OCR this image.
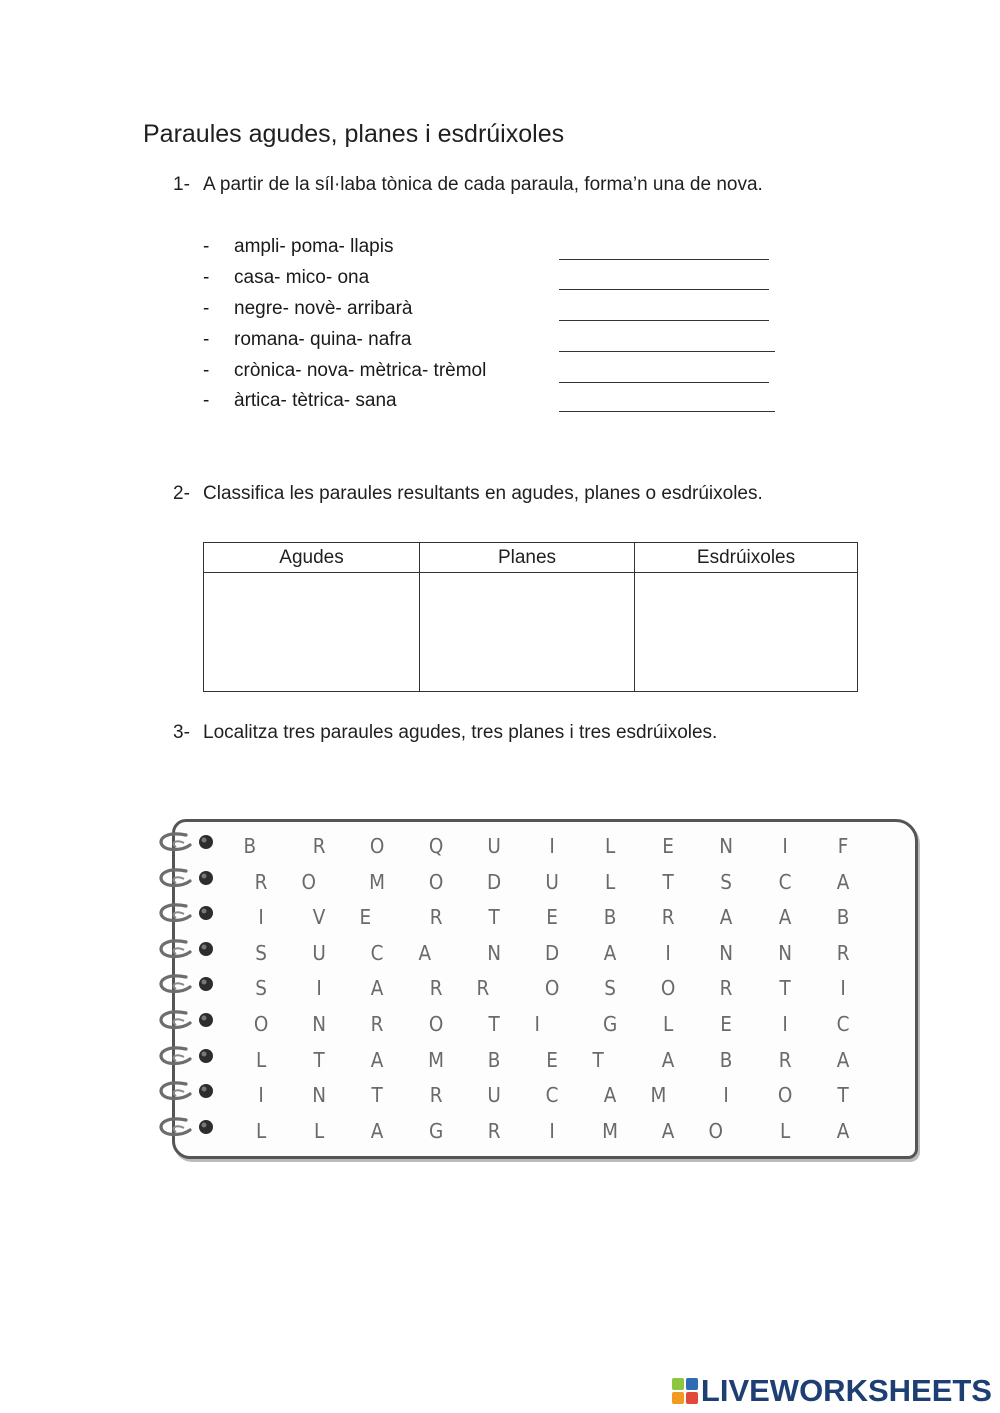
Paraules agudes, planes i esdrúixoles
1- A partir de la síl·laba tònica de cada paraula, forma’n una de nova.
- ampli- poma- llapis
- casa- mico- ona
- negre- novè- arribarà
- romana- quina- nafra
- crònica- nova- mètrica- trèmol
- àrtica- tètrica- sana
2- Classifica les paraules resultants en agudes, planes o esdrúixoles.
Agudes	Planes	Esdrúixoles

3- Localitza tres paraules agudes, tres planes i tres esdrúixoles.
B	R	O	Q	U	I	L	E	N	I	F
R	O	M	O	D	U	L	T	S	C	A
I	V	E	R	T	E	B	R	A	A	B
S	U	C	A	N	D	A	I	N	N	R
S	I	A	R	R	O	S	O	R	T	I
O	N	R	O	T	I	G	L	E	I	C
L	T	A	M	B	E	T	A	B	R	A
I	N	T	R	U	C	A	M	I	O	T
L	L	A	G	R	I	M	A	O	L	A
LIVEWORKSHEETS
